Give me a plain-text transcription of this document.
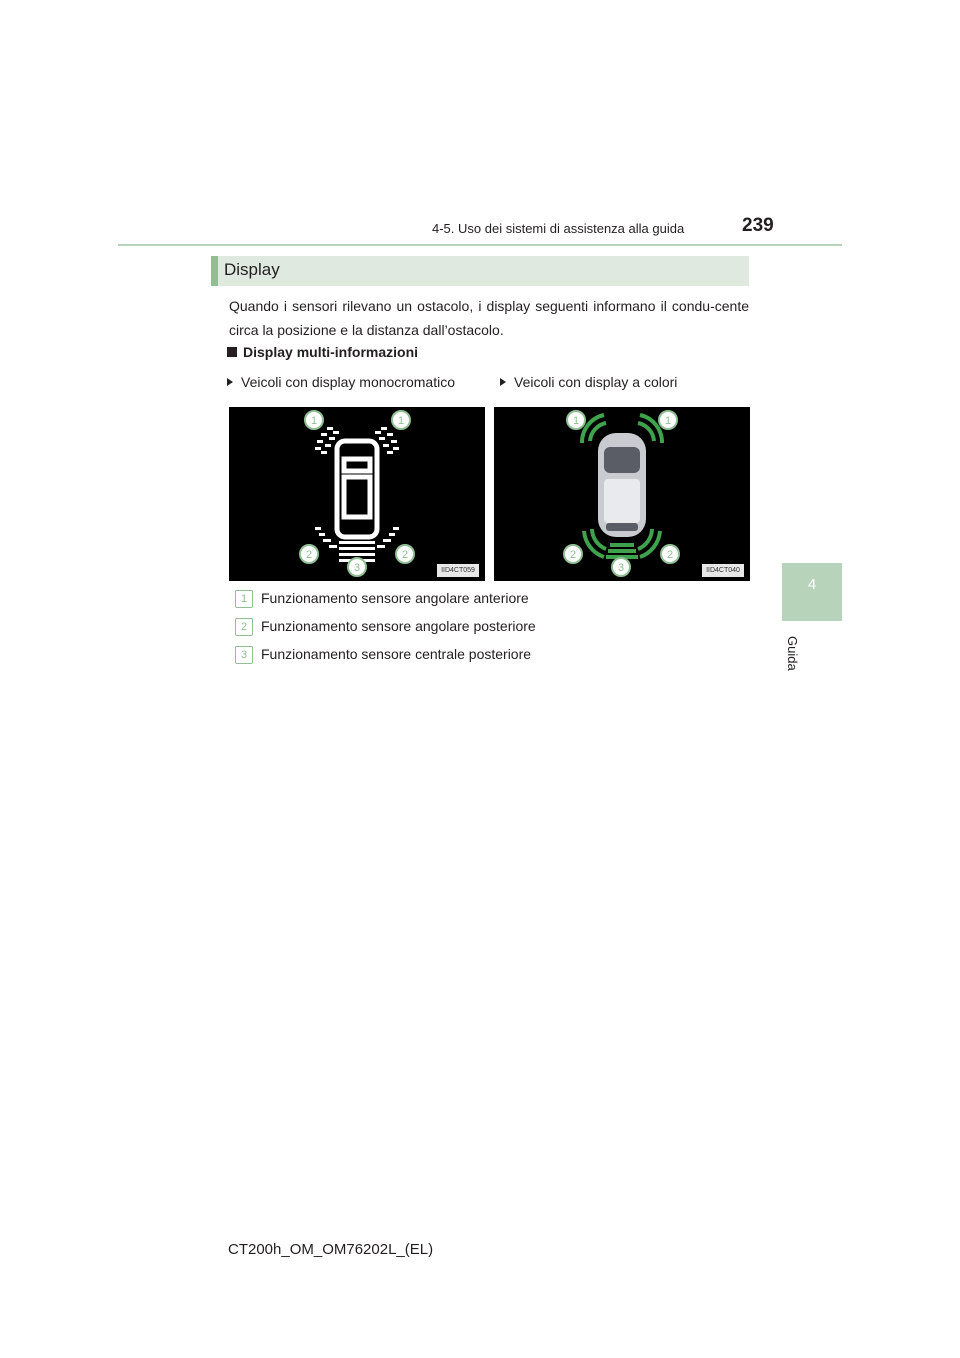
4-5. Uso dei sistemi di assistenza alla guida	239
4
Guida
Display
Quando i sensori rilevano un ostacolo, i display seguenti informano il condu-cente circa la posizione e la distanza dall’ostacolo.
Display multi-informazioni
Veicoli con display monocromatico	Veicoli con display a colori
1	1
2	2
3	IID4CT059
1	1
2	2
3	IID4CT040
1 Funzionamento sensore angolare anteriore
2 Funzionamento sensore angolare posteriore
3 Funzionamento sensore centrale posteriore
CT200h_OM_OM76202L_(EL)
